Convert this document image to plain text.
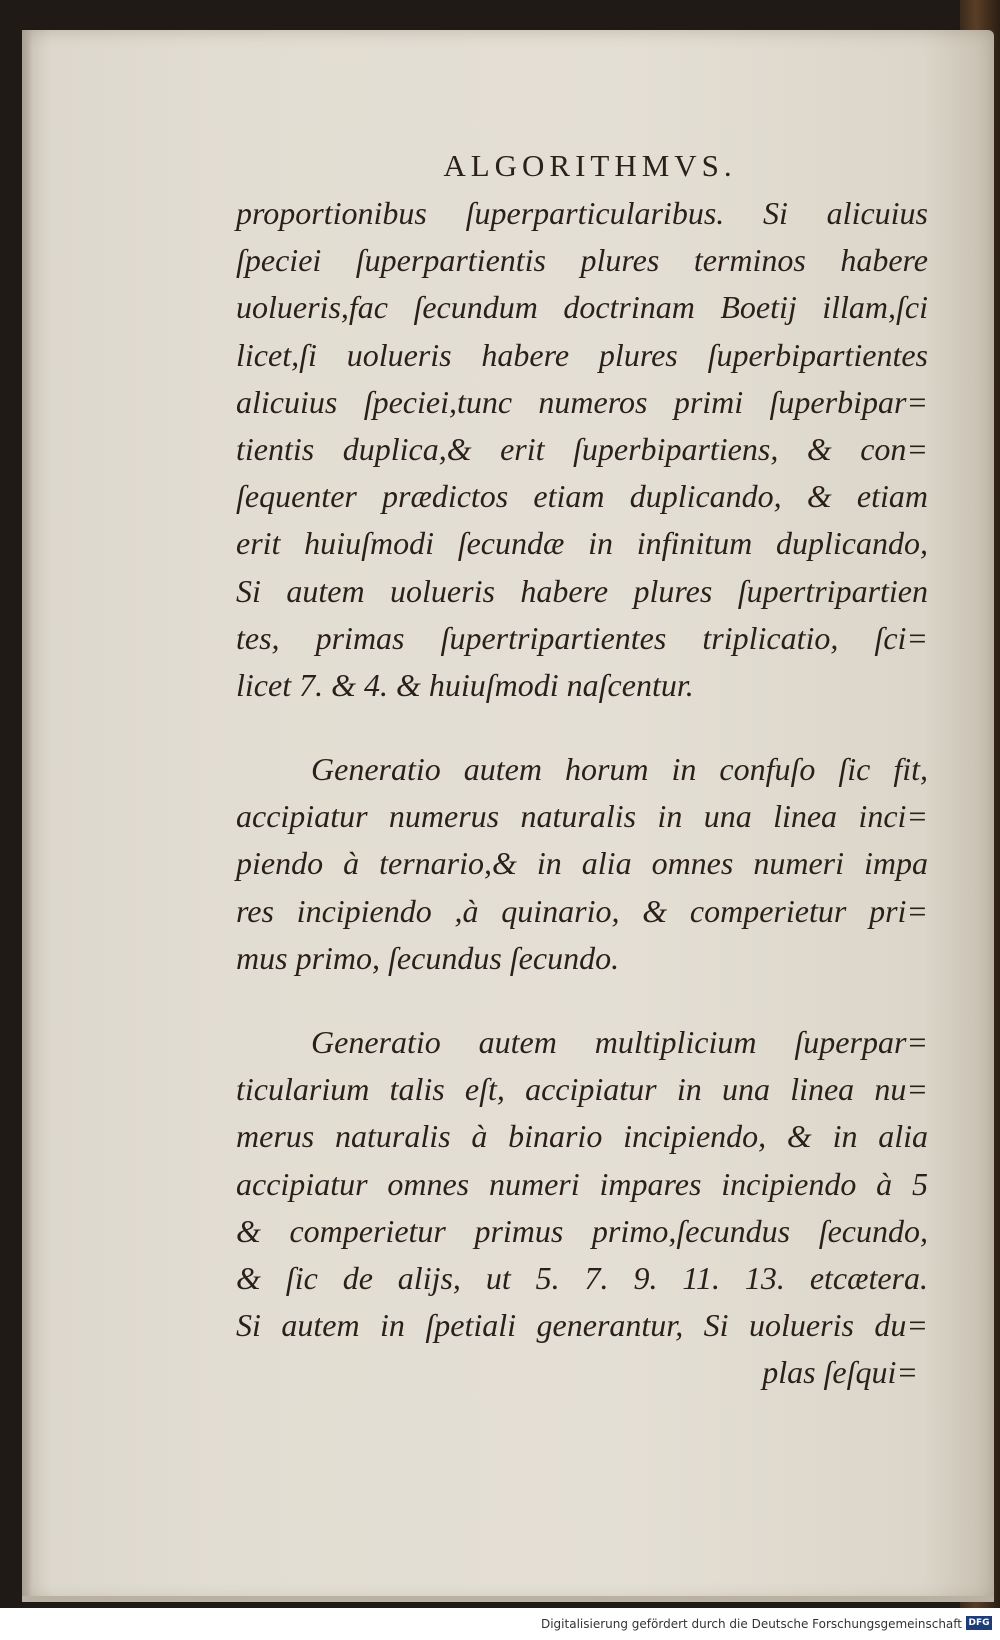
ALGORITHMVS.
proportionibus ſuperparticularibus. Si alicuius
ſpeciei ſuperpartientis plures terminos habere
uolueris,fac ſecundum doctrinam Boetij illam,ſci
licet,ſi uolueris habere plures ſuperbipartientes
alicuius ſpeciei,tunc numeros primi ſuperbipar=
tientis duplica,& erit ſuperbipartiens, & con=
ſequenter prædictos etiam duplicando, & etiam
erit huiuſmodi ſecundæ in infinitum duplicando,
Si autem uolueris habere plures ſupertripartien
tes, primas ſupertripartientes triplicatio, ſci=
licet 7. & 4. & huiuſmodi naſcentur.
Generatio autem horum in confuſo ſic fit,
accipiatur numerus naturalis in una linea inci=
piendo à ternario,& in alia omnes numeri impa
res incipiendo ,à quinario, & comperietur pri=
mus primo, ſecundus ſecundo.
Generatio autem multiplicium ſuperpar=
ticularium talis eſt, accipiatur in una linea nu=
merus naturalis à binario incipiendo, & in alia
accipiatur omnes numeri impares incipiendo à 5
& comperietur primus primo,ſecundus ſecundo,
& ſic de alijs, ut 5. 7. 9. 11. 13. etcætera.
Si autem in ſpetiali generantur, Si uolueris du=
plas ſeſqui=
Digitalisierung gefördert durch die Deutsche Forschungsgemeinschaft DFG
